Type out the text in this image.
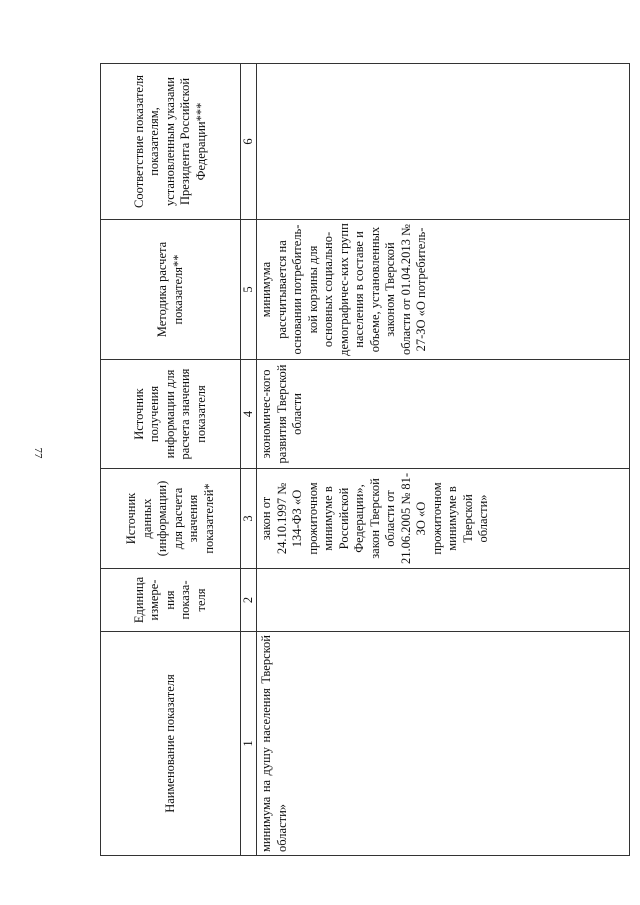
77
Наименование показателя	Единица измере-ния показа-теля	Источник данных (информации) для расчета значения показателей*	Источник получения информации для расчета значения показателя	Методика расчета показателя**	Соответствие показателя показателям, установленным указами Президента Российской Федерации***
1	2	3	4	5	6
минимума на душу населения Тверской области»		закон от 24.10.1997 № 134-ФЗ «О прожиточном минимуме в Российской Федерации», закон Тверской области от 21.06.2005 № 81-ЗО «О прожиточном минимуме в Тверской области»	экономичес-кого развития Тверской области	минимума рассчитывается на основании потребитель-кой корзины для основных социально-демографичес-ких групп населения в составе и объеме, установленных законом Тверской области от 01.04.2013 № 27-ЗО «О потребитель-	
